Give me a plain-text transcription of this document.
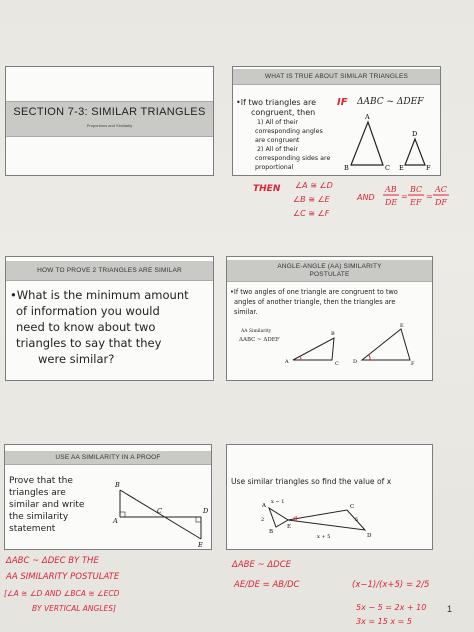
SECTION 7-3: SIMILAR TRIANGLES
Proportions and Similarity
WHAT IS TRUE ABOUT SIMILAR TRIANGLES
•If two triangles are
congruent, then
1) All of their
corresponding angles
are congruent
2) All of their
corresponding sides are
proportional
IF ΔABC ~ ΔDEF
A
B	C
D
E	F
THEN ∠A ≅ ∠D
∠B ≅ ∠E
∠C ≅ ∠F
AND
AB
DE
=
BC
EF
=
AC
DF
HOW TO PROVE 2 TRIANGLES ARE SIMILAR
•What is the minimum amount
of information you would
need to know about two
triangles to say that they
were similar?
ANGLE-ANGLE (AA) SIMILARITY
POSTULATE
•If two angles of one triangle are congruent to two
angles of another triangle, then the triangles are
similar.
AA Similarity
ΔABC ~ ΔDEF
A
B
C	D
E
F
USE AA SIMILARITY IN A PROOF
Prove that the
triangles are
similar and write
the similarity
statement
B
A
C	D
E
ΔABC ~ ΔDEC BY THE
AA SIMILARITY POSTULATE
[∠A ≅ ∠D AND ∠BCA ≅ ∠ECD
BY VERTICAL ANGLES]
Use similar triangles so find the value of x
A
B
E
C
D
x − 1
2	5
x + 5
ΔABE ~ ΔDCE
AE/DE = AB/DC	(x−1)/(x+5) = 2/5
5x − 5 = 2x + 10
3x = 15 x = 5
1
